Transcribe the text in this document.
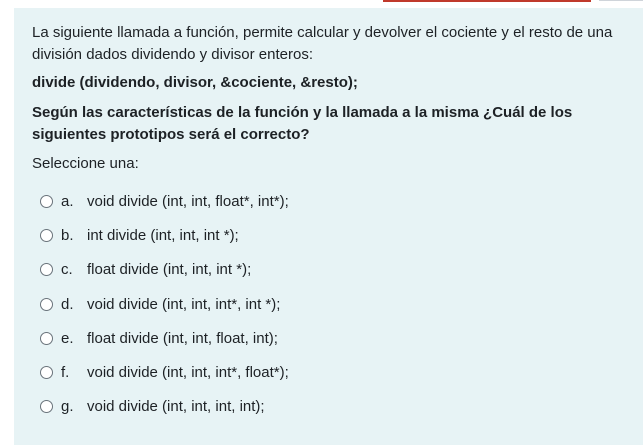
La siguiente llamada a función, permite calcular y devolver el cociente y el resto de una división dados dividendo y divisor enteros:

divide (dividendo, divisor, &cociente, &resto);

Según las características de la función y la llamada a la misma ¿Cuál de los siguientes prototipos será el correcto?

Seleccione una:
a. void divide (int, int, float*, int*);
b. int divide (int, int, int *);
c. float divide (int, int, int *);
d. void divide (int, int, int*, int *);
e. float divide (int, int, float, int);
f.	void divide (int, int, int*, float*);
g. void divide (int, int, int, int);
